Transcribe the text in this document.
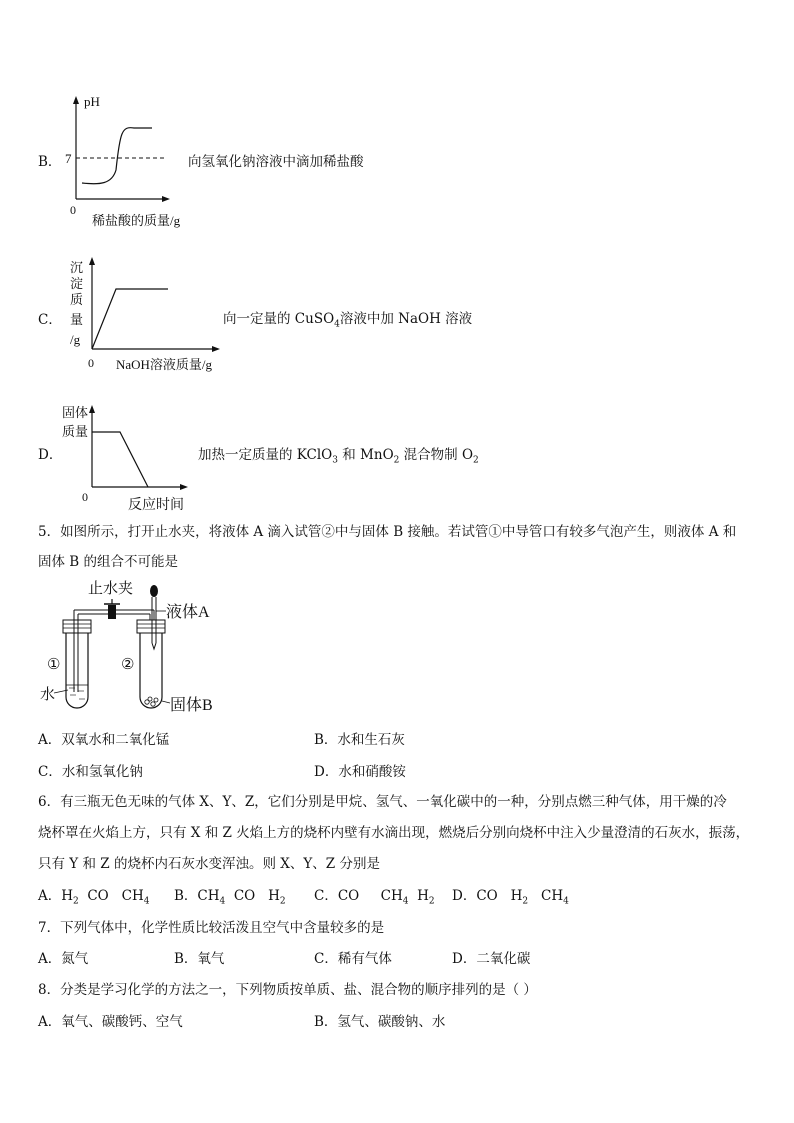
B．
pH
7
0
稀盐酸的质量/g
向氢氧化钠溶液中滴加稀盐酸
C．
沉
淀
质
量
/g
0 NaOH溶液质量/g
向一定量的 CuSO$_4$溶液中加 NaOH 溶液
D．
固体
质量
0
反应时间
加热一定质量的 KClO$_3$ 和 MnO$_2$ 混合物制 $O_2$
5．如图所示，打开止水夹，将液体 A 滴入试管②中与固体 B 接触。若试管①中导管口有较多气泡产生，则液体 A 和
固体 B 的组合不可能是
止水夹
液体A
①	②
水
固体B
A．双氧水和二氧化锰	B．水和生石灰
C．水和氢氧化钠	D．水和硝酸铵
6．有三瓶无色无味的气体 X、Y、Z，它们分别是甲烷、氢气、一氧化碳中的一种，分别点燃三种气体，用干燥的冷
烧杯罩在火焰上方，只有 X 和 Z 火焰上方的烧杯内壁有水滴出现，燃烧后分别向烧杯中注入少量澄清的石灰水，振荡，
只有 Y 和 Z 的烧杯内石灰水变浑浊。则 X、Y、Z 分别是
A．$H_2$  CO   $CH_4$ B．$CH_4$  CO   $H_2$ C．CO     $CH_4$  $H_2$ D．CO   $H_2$   $CH_4$
7．下列气体中，化学性质比较活泼且空气中含量较多的是
A．氮气	B．氧气	C．稀有气体	D．二氧化碳
8．分类是学习化学的方法之一，下列物质按单质、盐、混合物的顺序排列的是（ ）
A．氧气、碳酸钙、空气	B．氢气、碳酸钠、水
